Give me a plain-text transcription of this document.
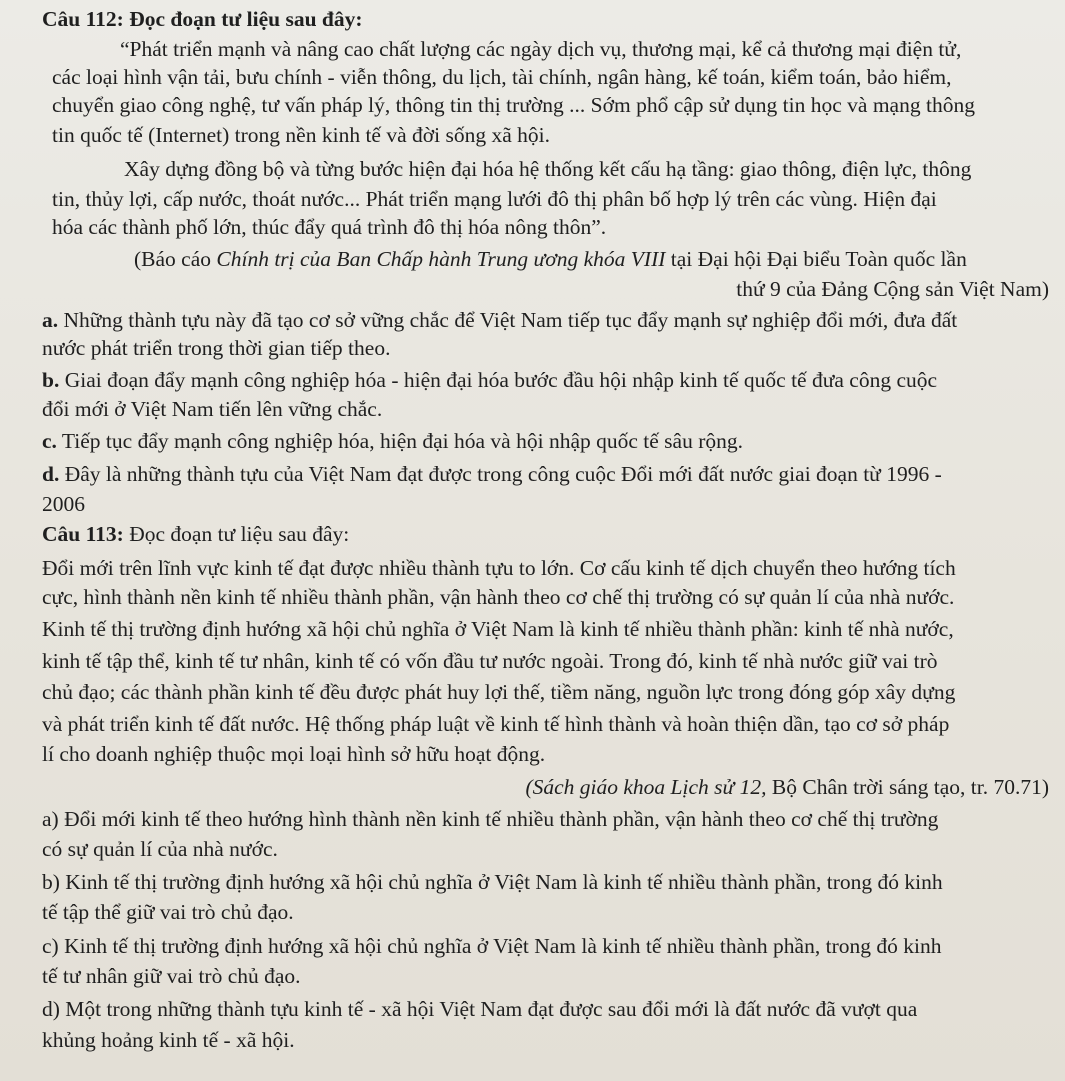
Câu 112: Đọc đoạn tư liệu sau đây:
“Phát triển mạnh và nâng cao chất lượng các ngày dịch vụ, thương mại, kể cả thương mại điện tử,
các loại hình vận tải, bưu chính - viễn thông, du lịch, tài chính, ngân hàng, kế toán, kiểm toán, bảo hiểm,
chuyển giao công nghệ, tư vấn pháp lý, thông tin thị trường ... Sớm phổ cập sử dụng tin học và mạng thông
tin quốc tế (Internet) trong nền kinh tế và đời sống xã hội.
Xây dựng đồng bộ và từng bước hiện đại hóa hệ thống kết cấu hạ tầng: giao thông, điện lực, thông
tin, thủy lợi, cấp nước, thoát nước... Phát triển mạng lưới đô thị phân bố hợp lý trên các vùng. Hiện đại
hóa các thành phố lớn, thúc đẩy quá trình đô thị hóa nông thôn”.
(Báo cáo Chính trị của Ban Chấp hành Trung ương khóa VIII tại Đại hội Đại biểu Toàn quốc lần
thứ 9 của Đảng Cộng sản Việt Nam)
a. Những thành tựu này đã tạo cơ sở vững chắc để Việt Nam tiếp tục đẩy mạnh sự nghiệp đổi mới, đưa đất
nước phát triển trong thời gian tiếp theo.
b. Giai đoạn đẩy mạnh công nghiệp hóa - hiện đại hóa bước đầu hội nhập kinh tế quốc tế đưa công cuộc
đổi mới ở Việt Nam tiến lên vững chắc.
c. Tiếp tục đẩy mạnh công nghiệp hóa, hiện đại hóa và hội nhập quốc tế sâu rộng.
d. Đây là những thành tựu của Việt Nam đạt được trong công cuộc Đổi mới đất nước giai đoạn từ 1996 -
2006
Câu 113: Đọc đoạn tư liệu sau đây:
Đổi mới trên lĩnh vực kinh tế đạt được nhiều thành tựu to lớn. Cơ cấu kinh tế dịch chuyển theo hướng tích
cực, hình thành nền kinh tế nhiều thành phần, vận hành theo cơ chế thị trường có sự quản lí của nhà nước.
Kinh tế thị trường định hướng xã hội chủ nghĩa ở Việt Nam là kinh tế nhiều thành phần: kinh tế nhà nước,
kinh tế tập thể, kinh tế tư nhân, kinh tế có vốn đầu tư nước ngoài. Trong đó, kinh tế nhà nước giữ vai trò
chủ đạo; các thành phần kinh tế đều được phát huy lợi thế, tiềm năng, nguồn lực trong đóng góp xây dựng
và phát triển kinh tế đất nước. Hệ thống pháp luật về kinh tế hình thành và hoàn thiện dần, tạo cơ sở pháp
lí cho doanh nghiệp thuộc mọi loại hình sở hữu hoạt động.
(Sách giáo khoa Lịch sử 12, Bộ Chân trời sáng tạo, tr. 70.71)
a) Đổi mới kinh tế theo hướng hình thành nền kinh tế nhiều thành phần, vận hành theo cơ chế thị trường
có sự quản lí của nhà nước.
b) Kinh tế thị trường định hướng xã hội chủ nghĩa ở Việt Nam là kinh tế nhiều thành phần, trong đó kinh
tế tập thể giữ vai trò chủ đạo.
c) Kinh tế thị trường định hướng xã hội chủ nghĩa ở Việt Nam là kinh tế nhiều thành phần, trong đó kinh
tế tư nhân giữ vai trò chủ đạo.
d) Một trong những thành tựu kinh tế - xã hội Việt Nam đạt được sau đổi mới là đất nước đã vượt qua
khủng hoảng kinh tế - xã hội.
